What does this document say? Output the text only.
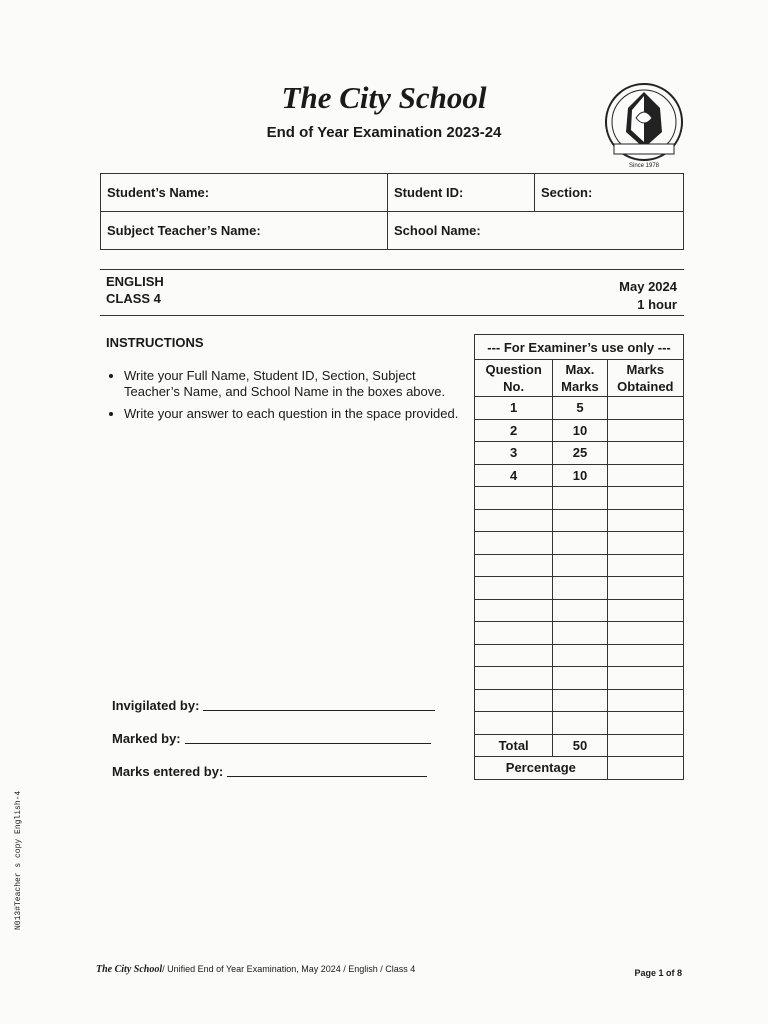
The City School
End of Year Examination 2023-24
Since 1978
Student’s Name:	Student ID:	Section:
Subject Teacher’s Name:	School Name:	
ENGLISH
CLASS 4
May 2024
1 hour
INSTRUCTIONS
• Write your Full Name, Student ID, Section, Subject Teacher’s Name, and School Name in the boxes above.
• Write your answer to each question in the space provided.
Invigilated by:
Marked by:
Marks entered by:
--- For Examiner’s use only ---		
Question No.	Max. Marks	Marks Obtained
1	5	
2	10	
3	25	
4	10	

Total	50	
Percentage		
N013#Teacher s copy English-4
The City School/ Unified End of Year Examination, May 2024 / English / Class 4	Page 1 of 8
